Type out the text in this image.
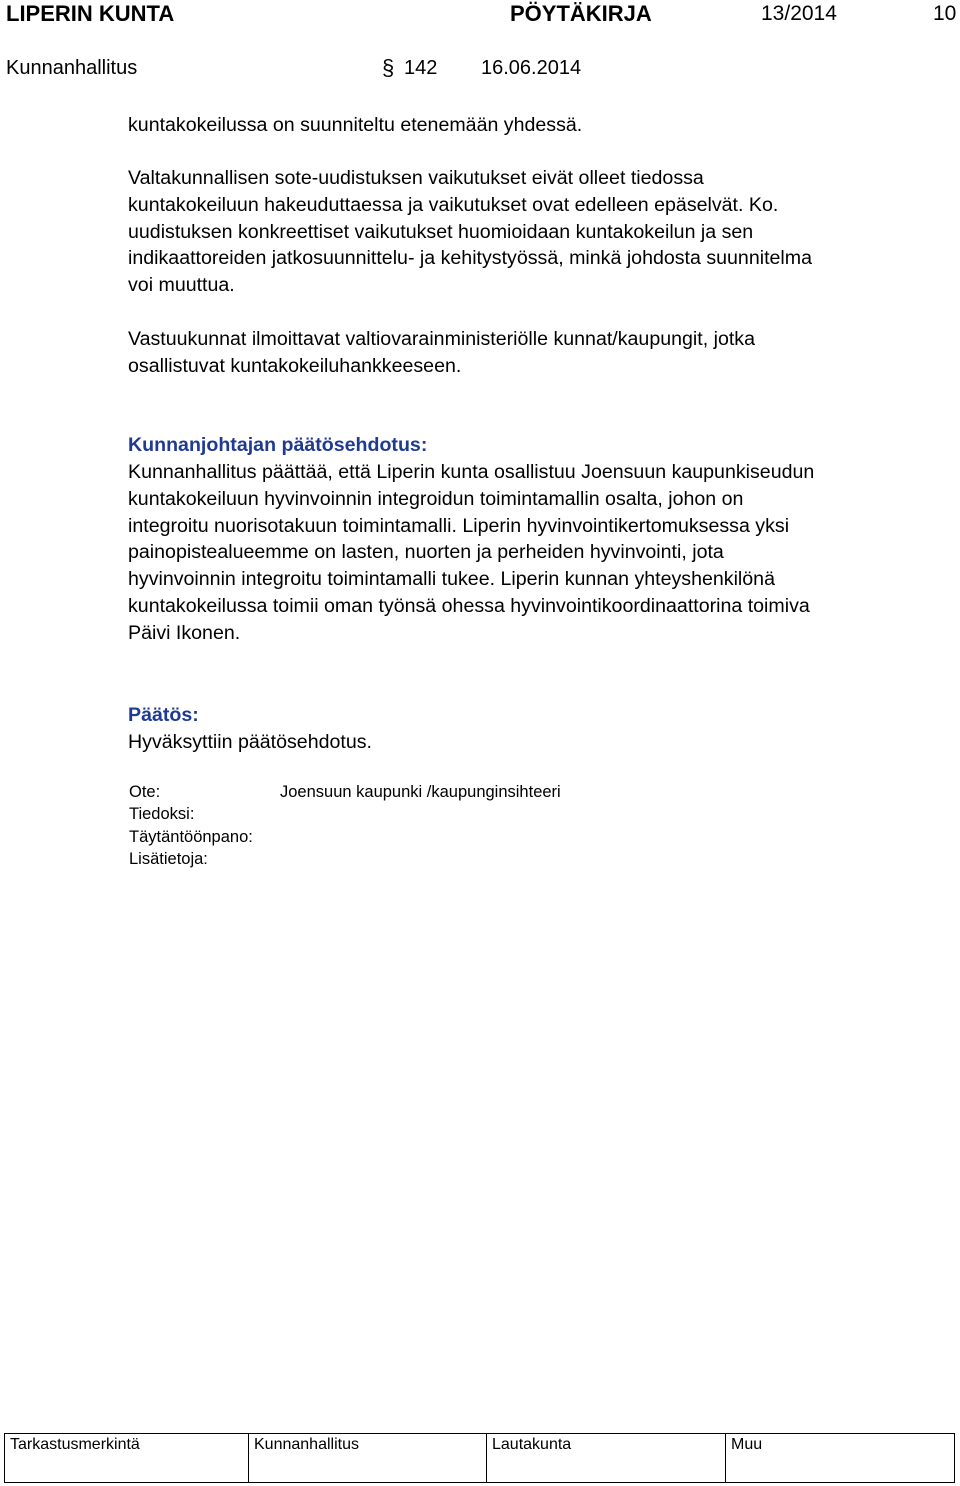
LIPERIN KUNTA	PÖYTÄKIRJA	13/2014	10
Kunnanhallitus	§ 142 16.06.2014
kuntakokeilussa on suunniteltu etenemään yhdessä.
Valtakunnallisen sote-uudistuksen vaikutukset eivät olleet tiedossa
kuntakokeiluun hakeuduttaessa ja vaikutukset ovat edelleen epäselvät. Ko.
uudistuksen konkreettiset vaikutukset huomioidaan kuntakokeilun ja sen
indikaattoreiden jatkosuunnittelu- ja kehitystyössä, minkä johdosta suunnitelma
voi muuttua.
Vastuukunnat ilmoittavat valtiovarainministeriölle kunnat/kaupungit, jotka
osallistuvat kuntakokeiluhankkeeseen.
Kunnanjohtajan päätösehdotus:
Kunnanhallitus päättää, että Liperin kunta osallistuu Joensuun kaupunkiseudun
kuntakokeiluun hyvinvoinnin integroidun toimintamallin osalta, johon on
integroitu nuorisotakuun toimintamalli. Liperin hyvinvointikertomuksessa yksi
painopistealueemme on lasten, nuorten ja perheiden hyvinvointi, jota
hyvinvoinnin integroitu toimintamalli tukee. Liperin kunnan yhteyshenkilönä
kuntakokeilussa toimii oman työnsä ohessa hyvinvointikoordinaattorina toimiva
Päivi Ikonen.
Päätös:
Hyväksyttiin päätösehdotus.
Ote:	Joensuun kaupunki /kaupunginsihteeri
Tiedoksi:
Täytäntöönpano:
Lisätietoja:
Tarkastusmerkintä	Kunnanhallitus	Lautakunta	Muu
